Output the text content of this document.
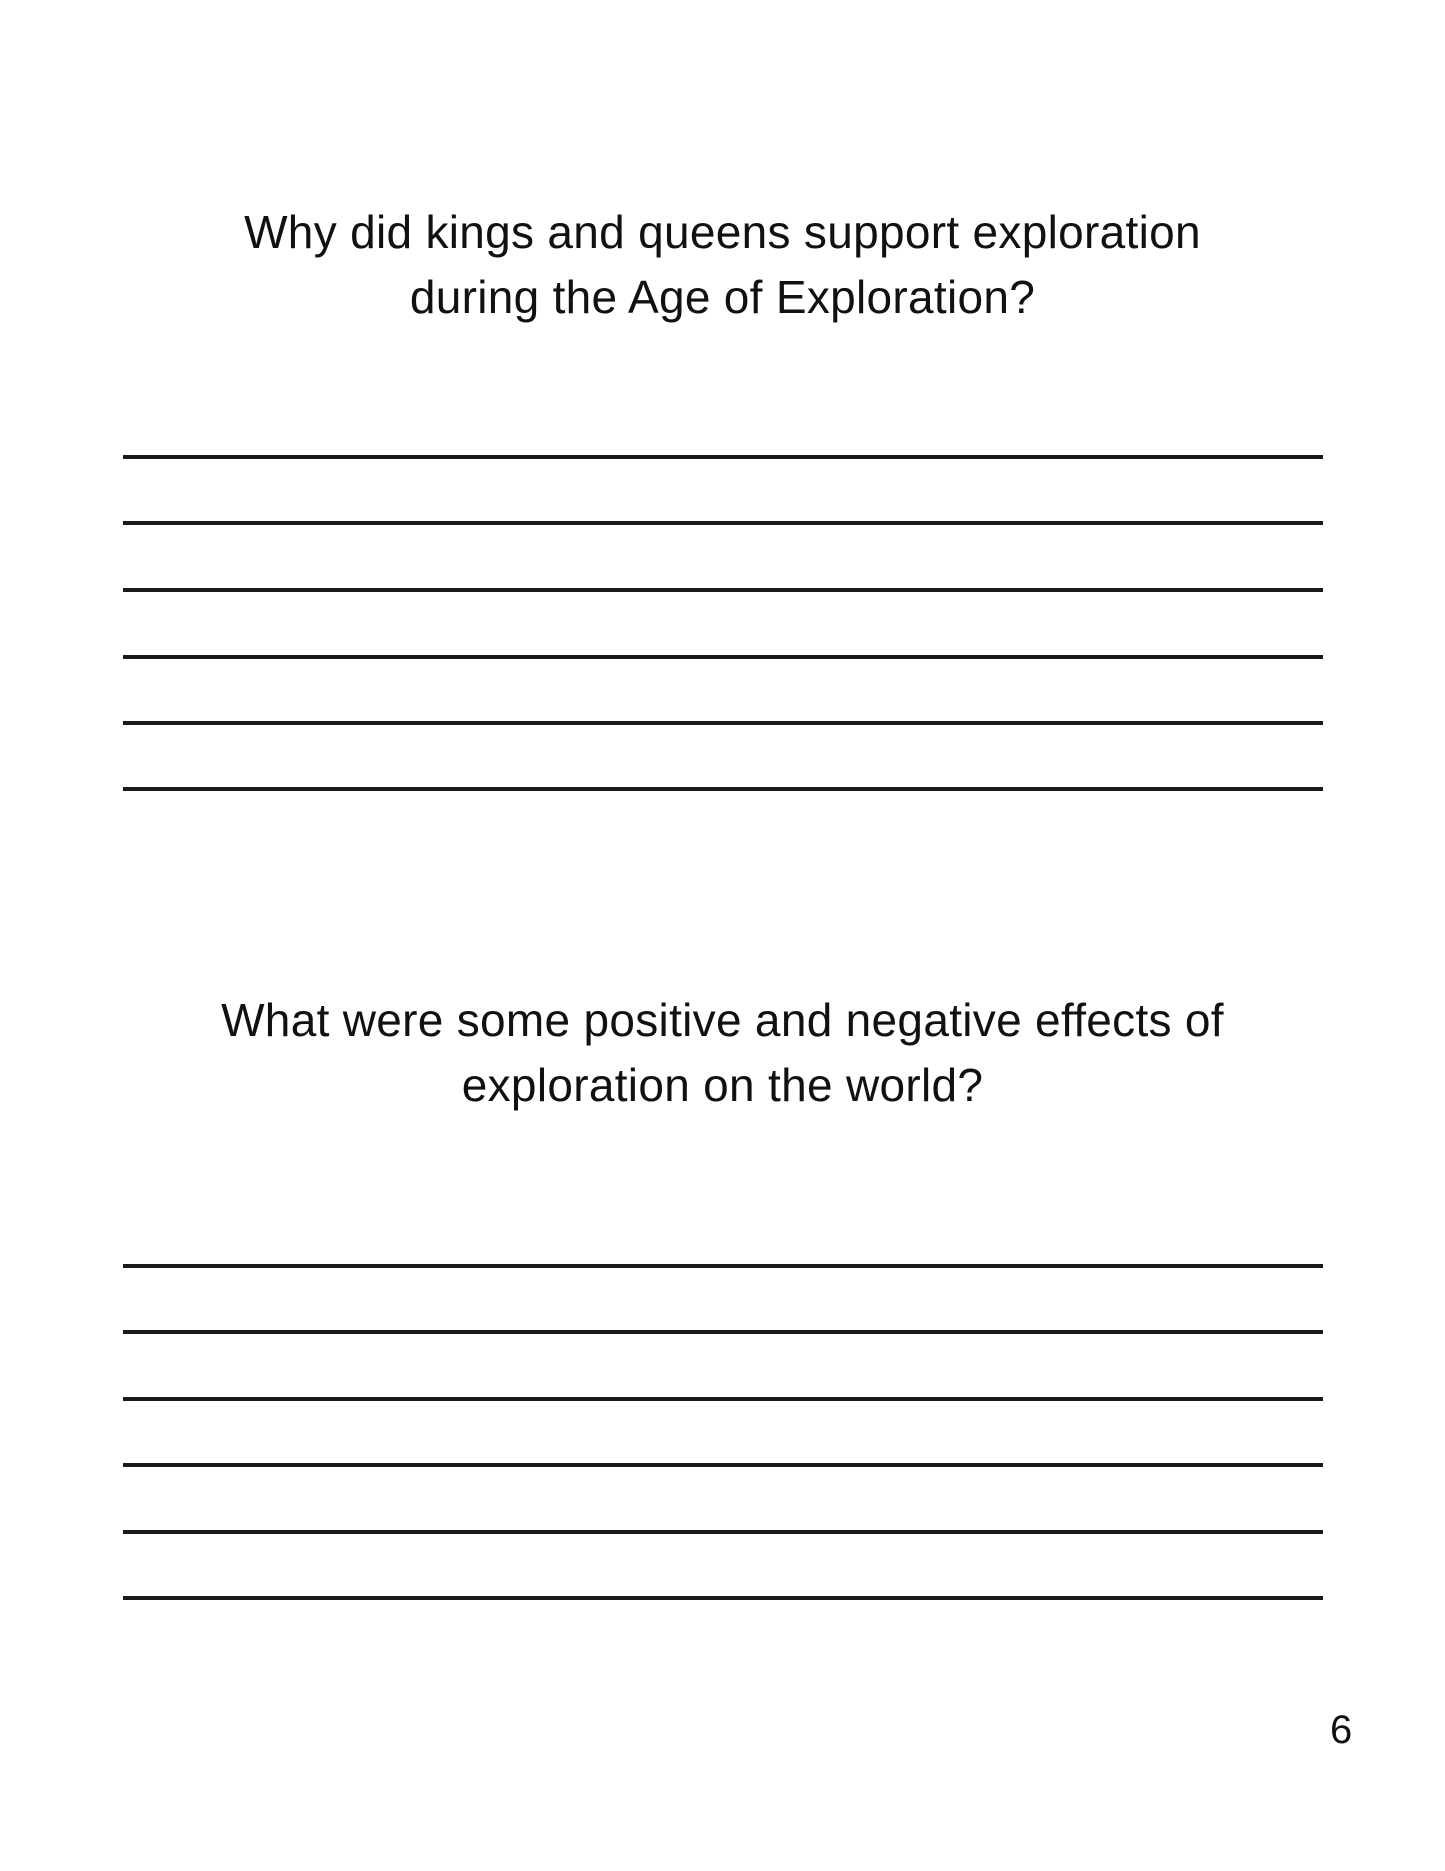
Why did kings and queens support exploration
during the Age of Exploration?
What were some positive and negative effects of
exploration on the world?
6
